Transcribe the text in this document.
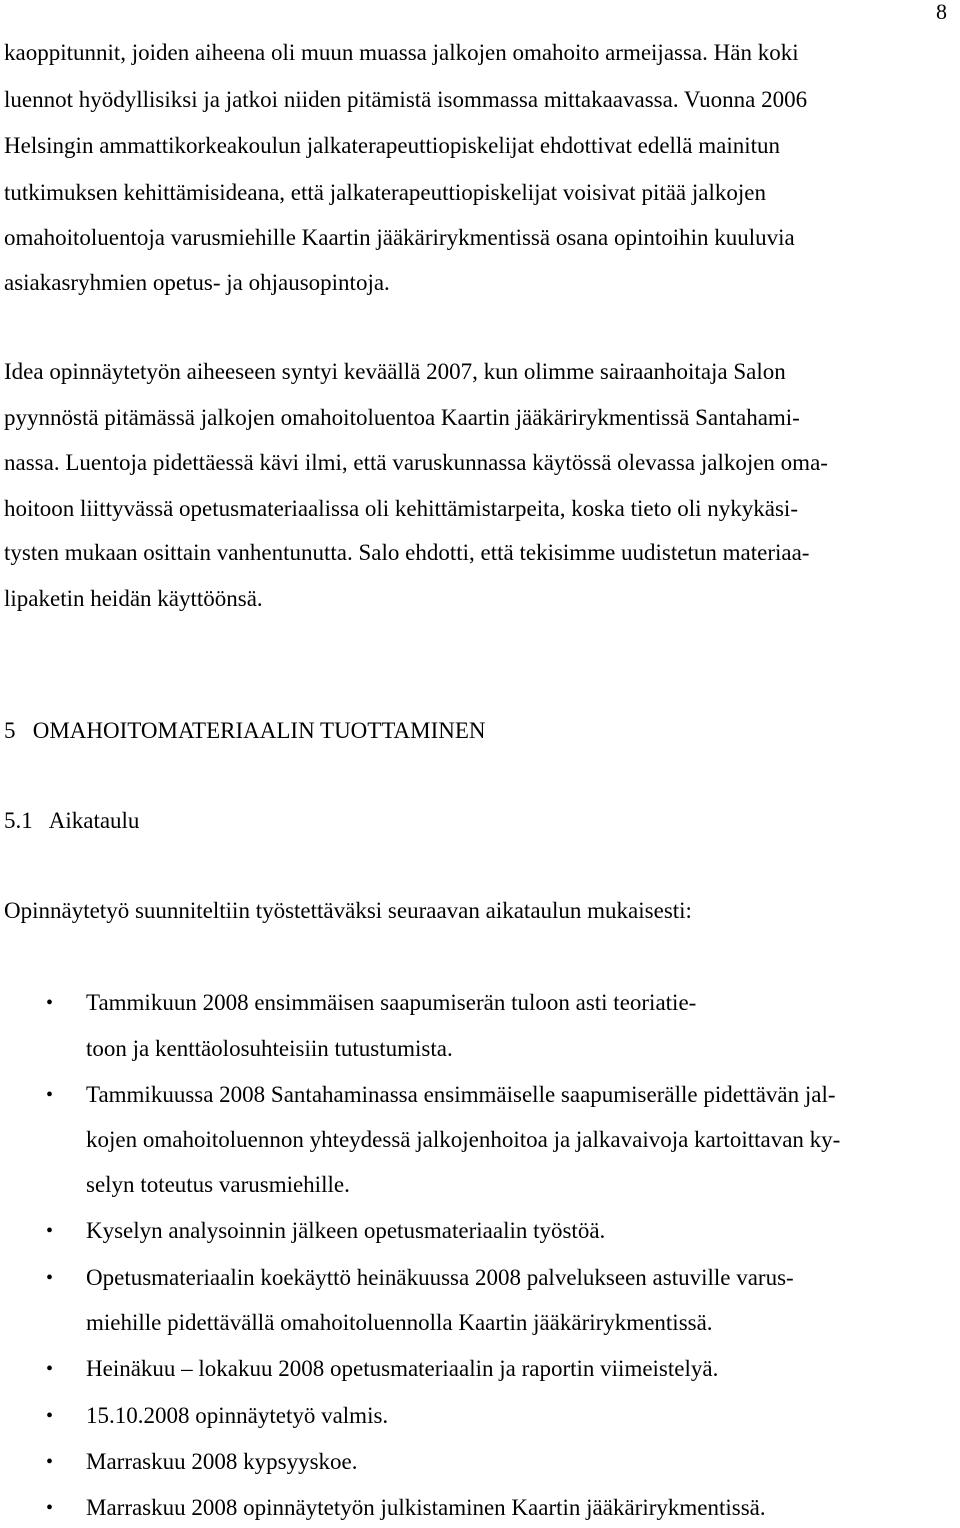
8
kaoppitunnit, joiden aiheena oli muun muassa jalkojen omahoito armeijassa. Hän koki
luennot hyödyllisiksi ja jatkoi niiden pitämistä isommassa mittakaavassa. Vuonna 2006
Helsingin ammattikorkeakoulun jalkaterapeuttiopiskelijat ehdottivat edellä mainitun
tutkimuksen kehittämisideana, että jalkaterapeuttiopiskelijat voisivat pitää jalkojen
omahoitoluentoja varusmiehille Kaartin jääkärirykmentissä osana opintoihin kuuluvia
asiakasryhmien opetus- ja ohjausopintoja.
Idea opinnäytetyön aiheeseen syntyi keväällä 2007, kun olimme sairaanhoitaja Salon
pyynnöstä pitämässä jalkojen omahoitoluentoa Kaartin jääkärirykmentissä Santahami-
nassa. Luentoja pidettäessä kävi ilmi, että varuskunnassa käytössä olevassa jalkojen oma-
hoitoon liittyvässä opetusmateriaalissa oli kehittämistarpeita, koska tieto oli nykykäsi-
tysten mukaan osittain vanhentunutta. Salo ehdotti, että tekisimme uudistetun materiaa-
lipaketin heidän käyttöönsä.
5   OMAHOITOMATERIAALIN TUOTTAMINEN
5.1   Aikataulu
Opinnäytetyö suunniteltiin työstettäväksi seuraavan aikataulun mukaisesti:
• Tammikuun 2008 ensimmäisen saapumiserän tuloon asti teoriatie-
toon ja kenttäolosuhteisiin tutustumista.
• Tammikuussa 2008 Santahaminassa ensimmäiselle saapumiserälle pidettävän jal-
kojen omahoitoluennon yhteydessä jalkojenhoitoa ja jalkavaivoja kartoittavan ky-
selyn toteutus varusmiehille.
• Kyselyn analysoinnin jälkeen opetusmateriaalin työstöä.
• Opetusmateriaalin koekäyttö heinäkuussa 2008 palvelukseen astuville varus-
miehille pidettävällä omahoitoluennolla Kaartin jääkärirykmentissä.
• Heinäkuu – lokakuu 2008 opetusmateriaalin ja raportin viimeistelyä.
• 15.10.2008 opinnäytetyö valmis.
• Marraskuu 2008 kypsyyskoe.
• Marraskuu 2008 opinnäytetyön julkistaminen Kaartin jääkärirykmentissä.
